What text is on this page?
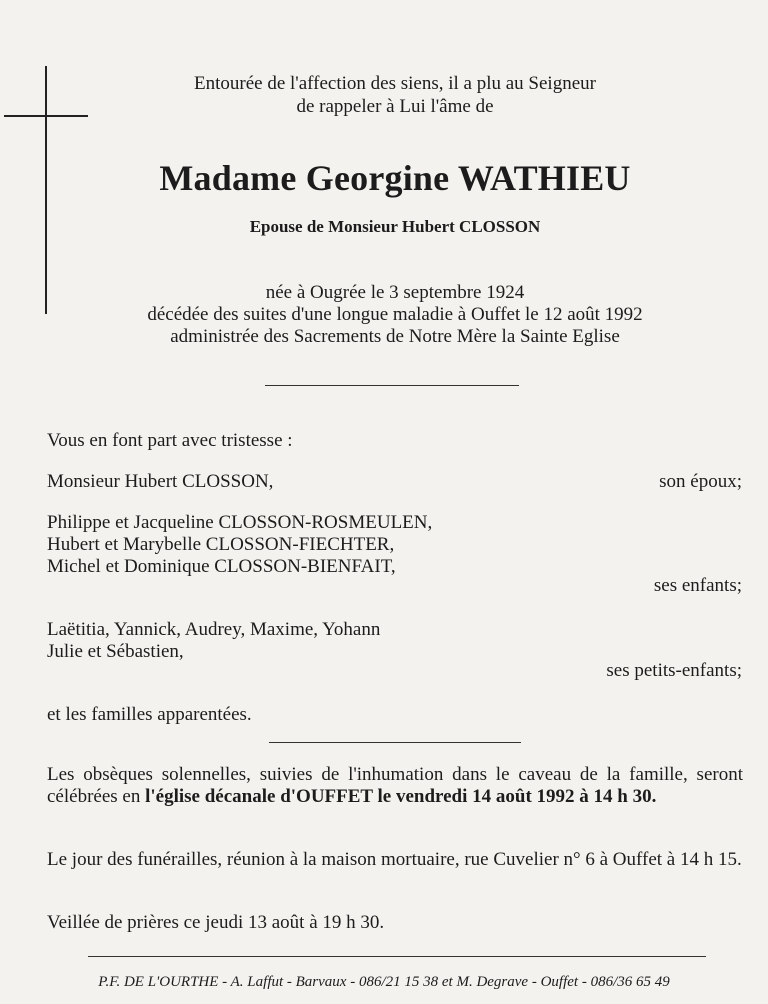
Entourée de l'affection des siens, il a plu au Seigneur
de rappeler à Lui l'âme de
Madame Georgine WATHIEU
Epouse de Monsieur Hubert CLOSSON
née à Ougrée le 3 septembre 1924
décédée des suites d'une longue maladie à Ouffet le 12 août 1992
administrée des Sacrements de Notre Mère la Sainte Eglise
Vous en font part avec tristesse :
Monsieur Hubert CLOSSON,	son époux;
Philippe et Jacqueline CLOSSON-ROSMEULEN,
Hubert et Marybelle CLOSSON-FIECHTER,
Michel et Dominique CLOSSON-BIENFAIT,
ses enfants;
Laëtitia, Yannick, Audrey, Maxime, Yohann
Julie et Sébastien,
ses petits-enfants;
et les familles apparentées.
Les obsèques solennelles, suivies de l'inhumation dans le caveau de la famille, seront célébrées en l'église décanale d'OUFFET le vendredi 14 août 1992 à 14 h 30.
Le jour des funérailles, réunion à la maison mortuaire, rue Cuvelier n° 6 à Ouffet à 14 h 15.
Veillée de prières ce jeudi 13 août à 19 h 30.
P.F. DE L'OURTHE - A. Laffut - Barvaux - 086/21 15 38 et M. Degrave - Ouffet - 086/36 65 49
